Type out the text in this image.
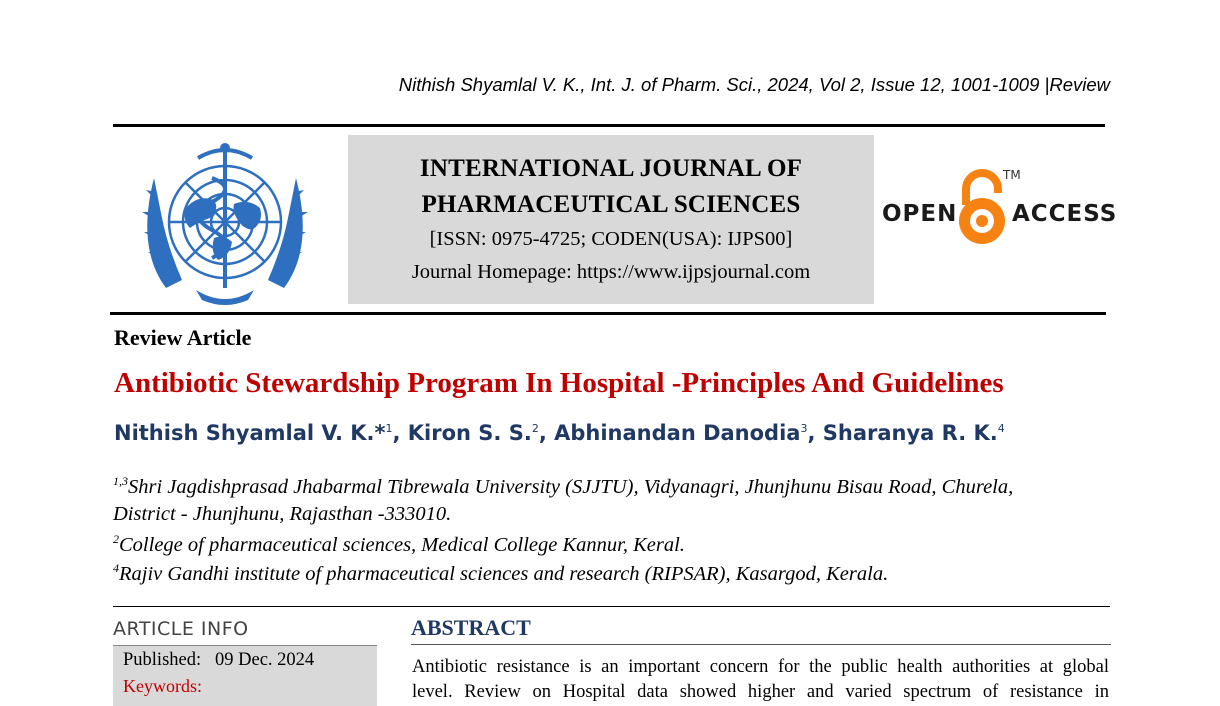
Nithish Shyamlal V. K., Int. J. of Pharm. Sci., 2024, Vol 2, Issue 12, 1001-1009 |Review
INTERNATIONAL JOURNAL OF
PHARMACEUTICAL SCIENCES
[ISSN: 0975-4725; CODEN(USA): IJPS00]
Journal Homepage: https://www.ijpsjournal.com
OPEN
TM
ACCESS
Review Article
Antibiotic Stewardship Program In Hospital -Principles And Guidelines
Nithish Shyamlal V. K.*$^1$, Kiron S. S.$^2$, Abhinandan Danodia$^3$, Sharanya R. K.$^4$
$^{1,3}$Shri Jagdishprasad Jhabarmal Tibrewala University (SJJTU), Vidyanagri, Jhunjhunu Bisau Road, Churela,
District - Jhunjhunu, Rajasthan -333010.
$^2$College of pharmaceutical sciences, Medical College Kannur, Keral.
$^4$Rajiv Gandhi institute of pharmaceutical sciences and research (RIPSAR), Kasargod, Kerala.
ARTICLE INFO
Published: 09 Dec. 2024
Keywords:
ABSTRACT
Antibiotic resistance is an important concern for the public health authorities at global
level. Review on Hospital data showed higher and varied spectrum of resistance in
